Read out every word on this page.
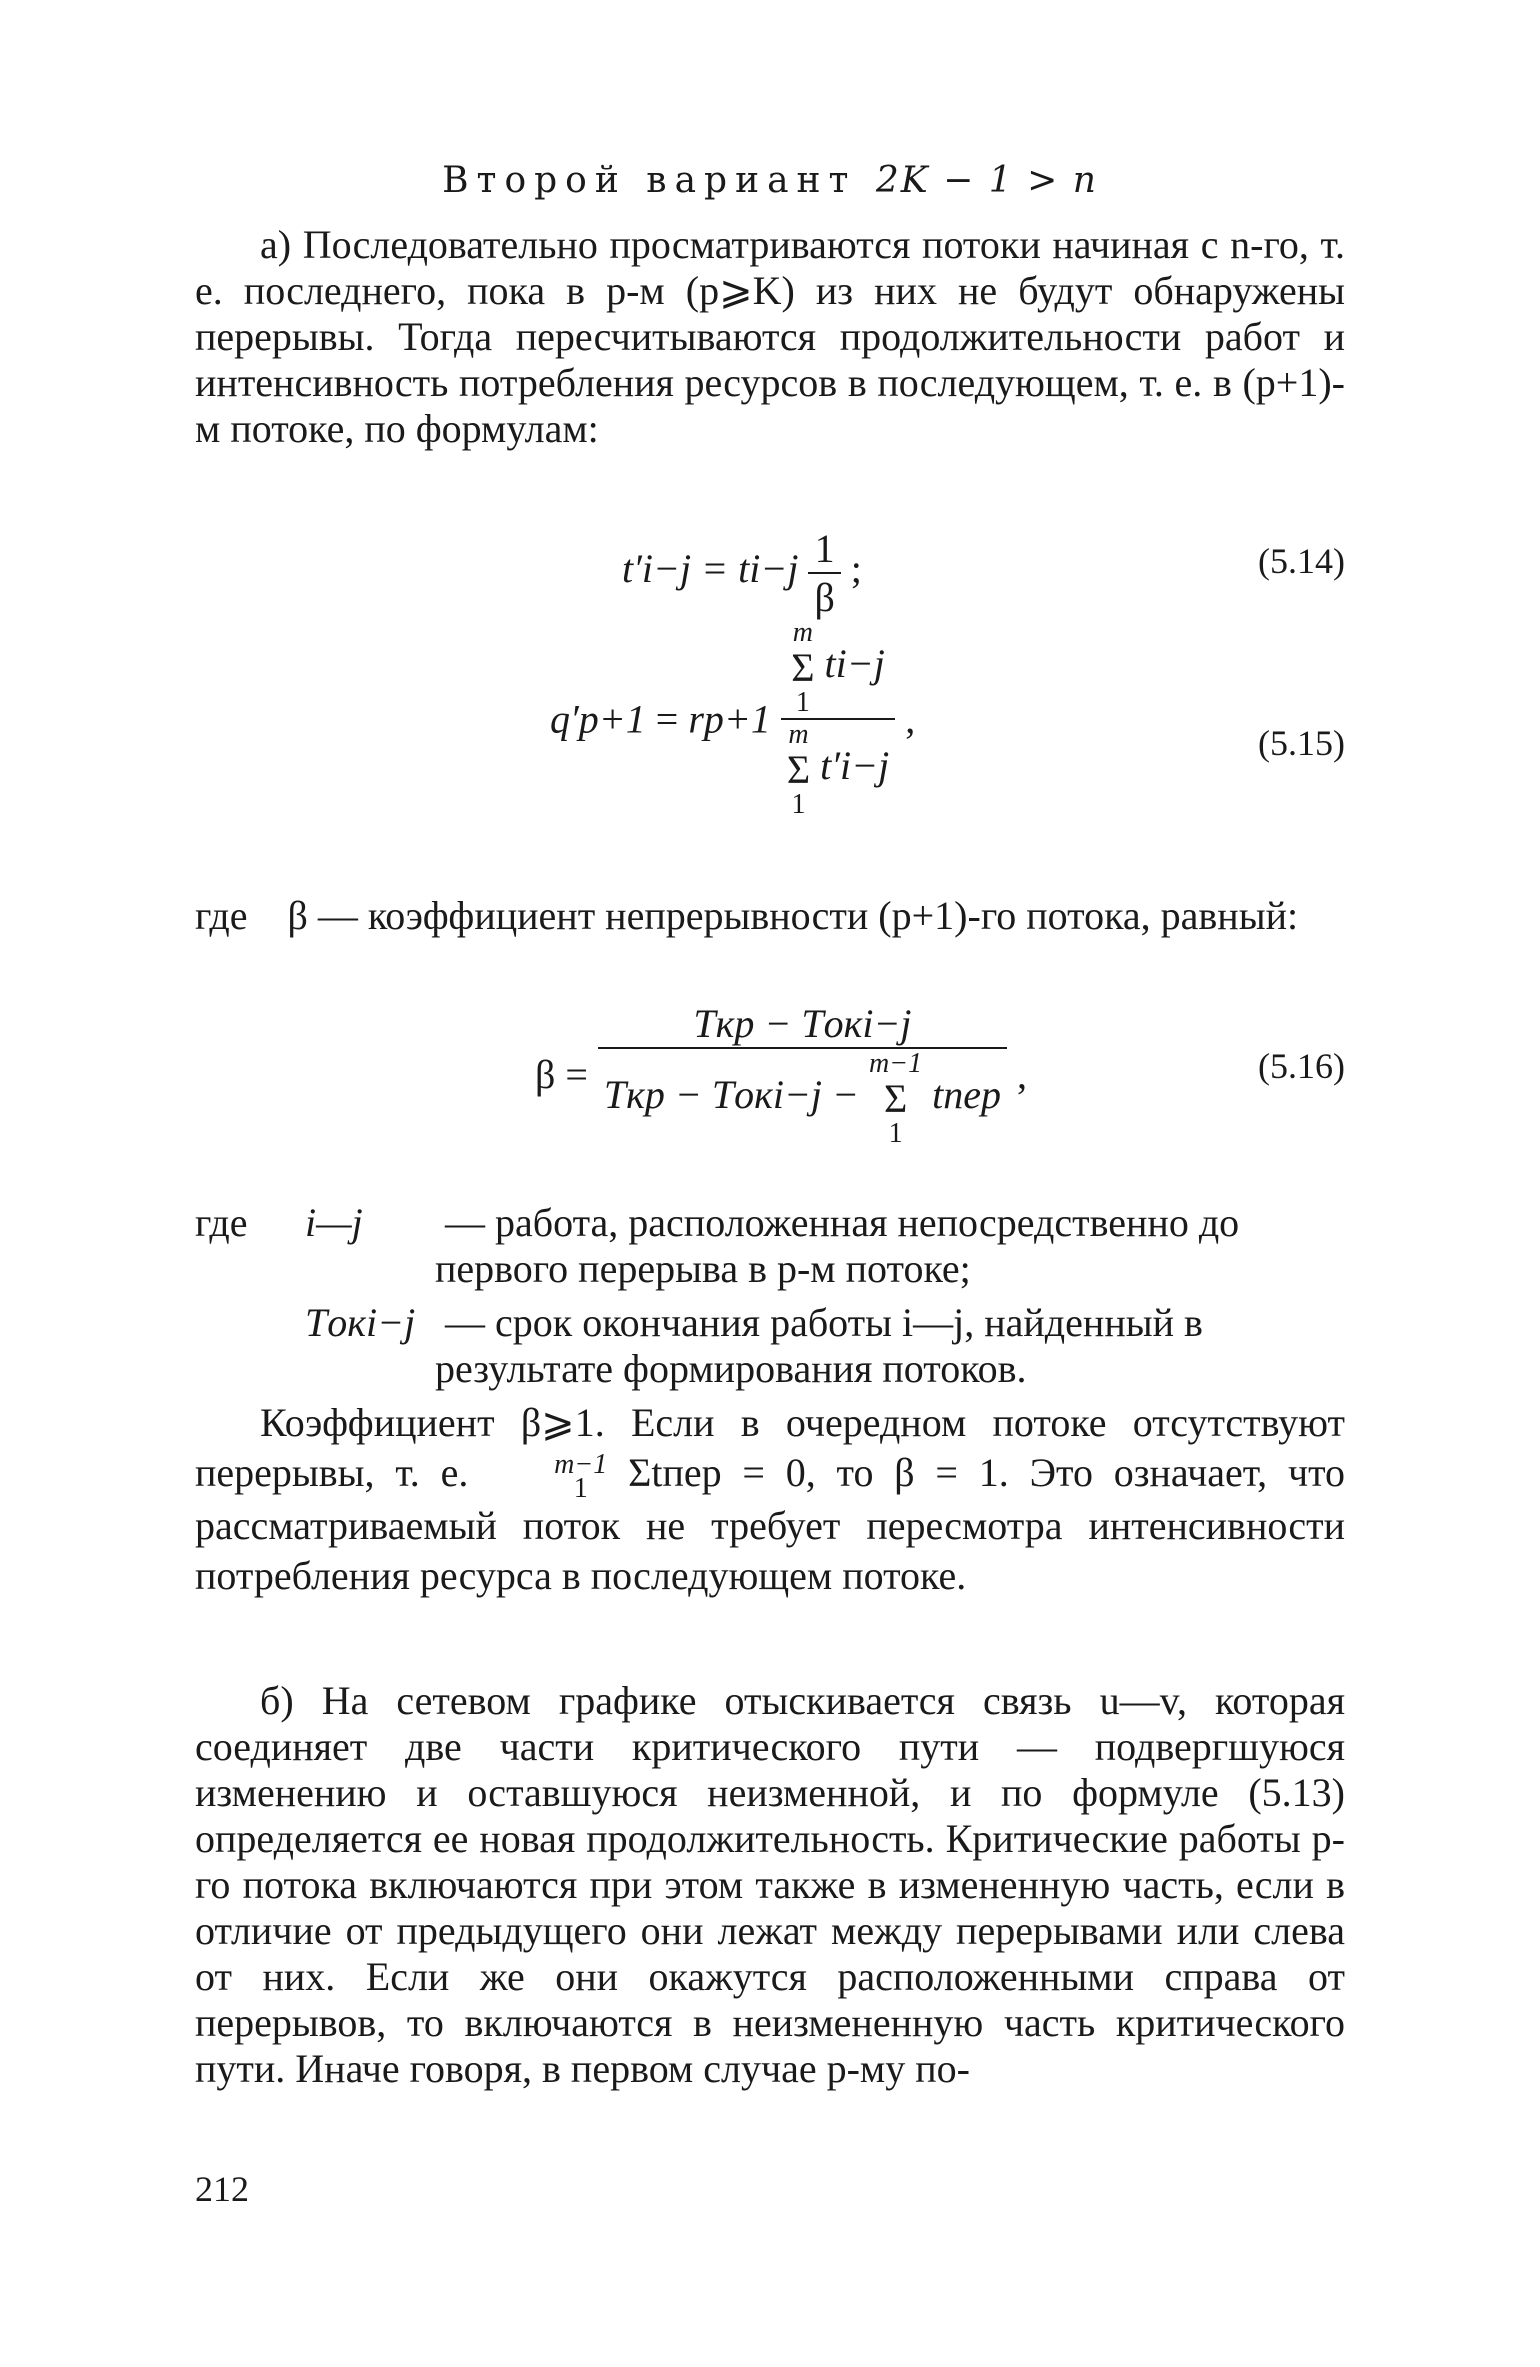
Второй вариант 2K − 1 > n

а) Последовательно просматриваются потоки начиная с n-го, т. е. последнего, пока в p-м (p⩾K) из них не будут обнаружены перерывы. Тогда пересчитываются продолжительности работ и интенсивность потребления ресурсов в последующем, т. е. в (p+1)-м потоке, по формулам:

$t'i-j = ti-j \frac{1}{\beta}$ ;	(5.14)
q′p+1 = rp+1 m
Σ
1
ti−j
m
Σ
1
t′i−j ,
(5.15)
где β — коэффициент непрерывности (p+1)-го потока, равный:
β =
Tкр − Tокi−j
Tкр − Tокi−j −
m−1
Σ
1
tпер ,	(5.16)
где i—j — работа, расположенная непосредственно до первого перерыва в p-м потоке;
Tокi−j — срок окончания работы i—j, найденный в результате формирования потоков.

Коэффициент β⩾1. Если в очередном потоке отсутствуют перерывы, т. е.	m−1
1	Σtпер = 0, то β = 1. Это означает, что рассматриваемый поток не требует пересмотра интенсивности потребления ресурса в последующем потоке.

б) На сетевом графике отыскивается связь u—v, которая соединяет две части критического пути — подвергшуюся изменению и оставшуюся неизменной, и по формуле (5.13) определяется ее новая продолжительность. Критические работы p-го потока включаются при этом также в измененную часть, если в отличие от предыдущего они лежат между перерывами или слева от них. Если же они окажутся расположенными справа от перерывов, то включаются в неизмененную часть критического пути. Иначе говоря, в первом случае p-му по-

212
